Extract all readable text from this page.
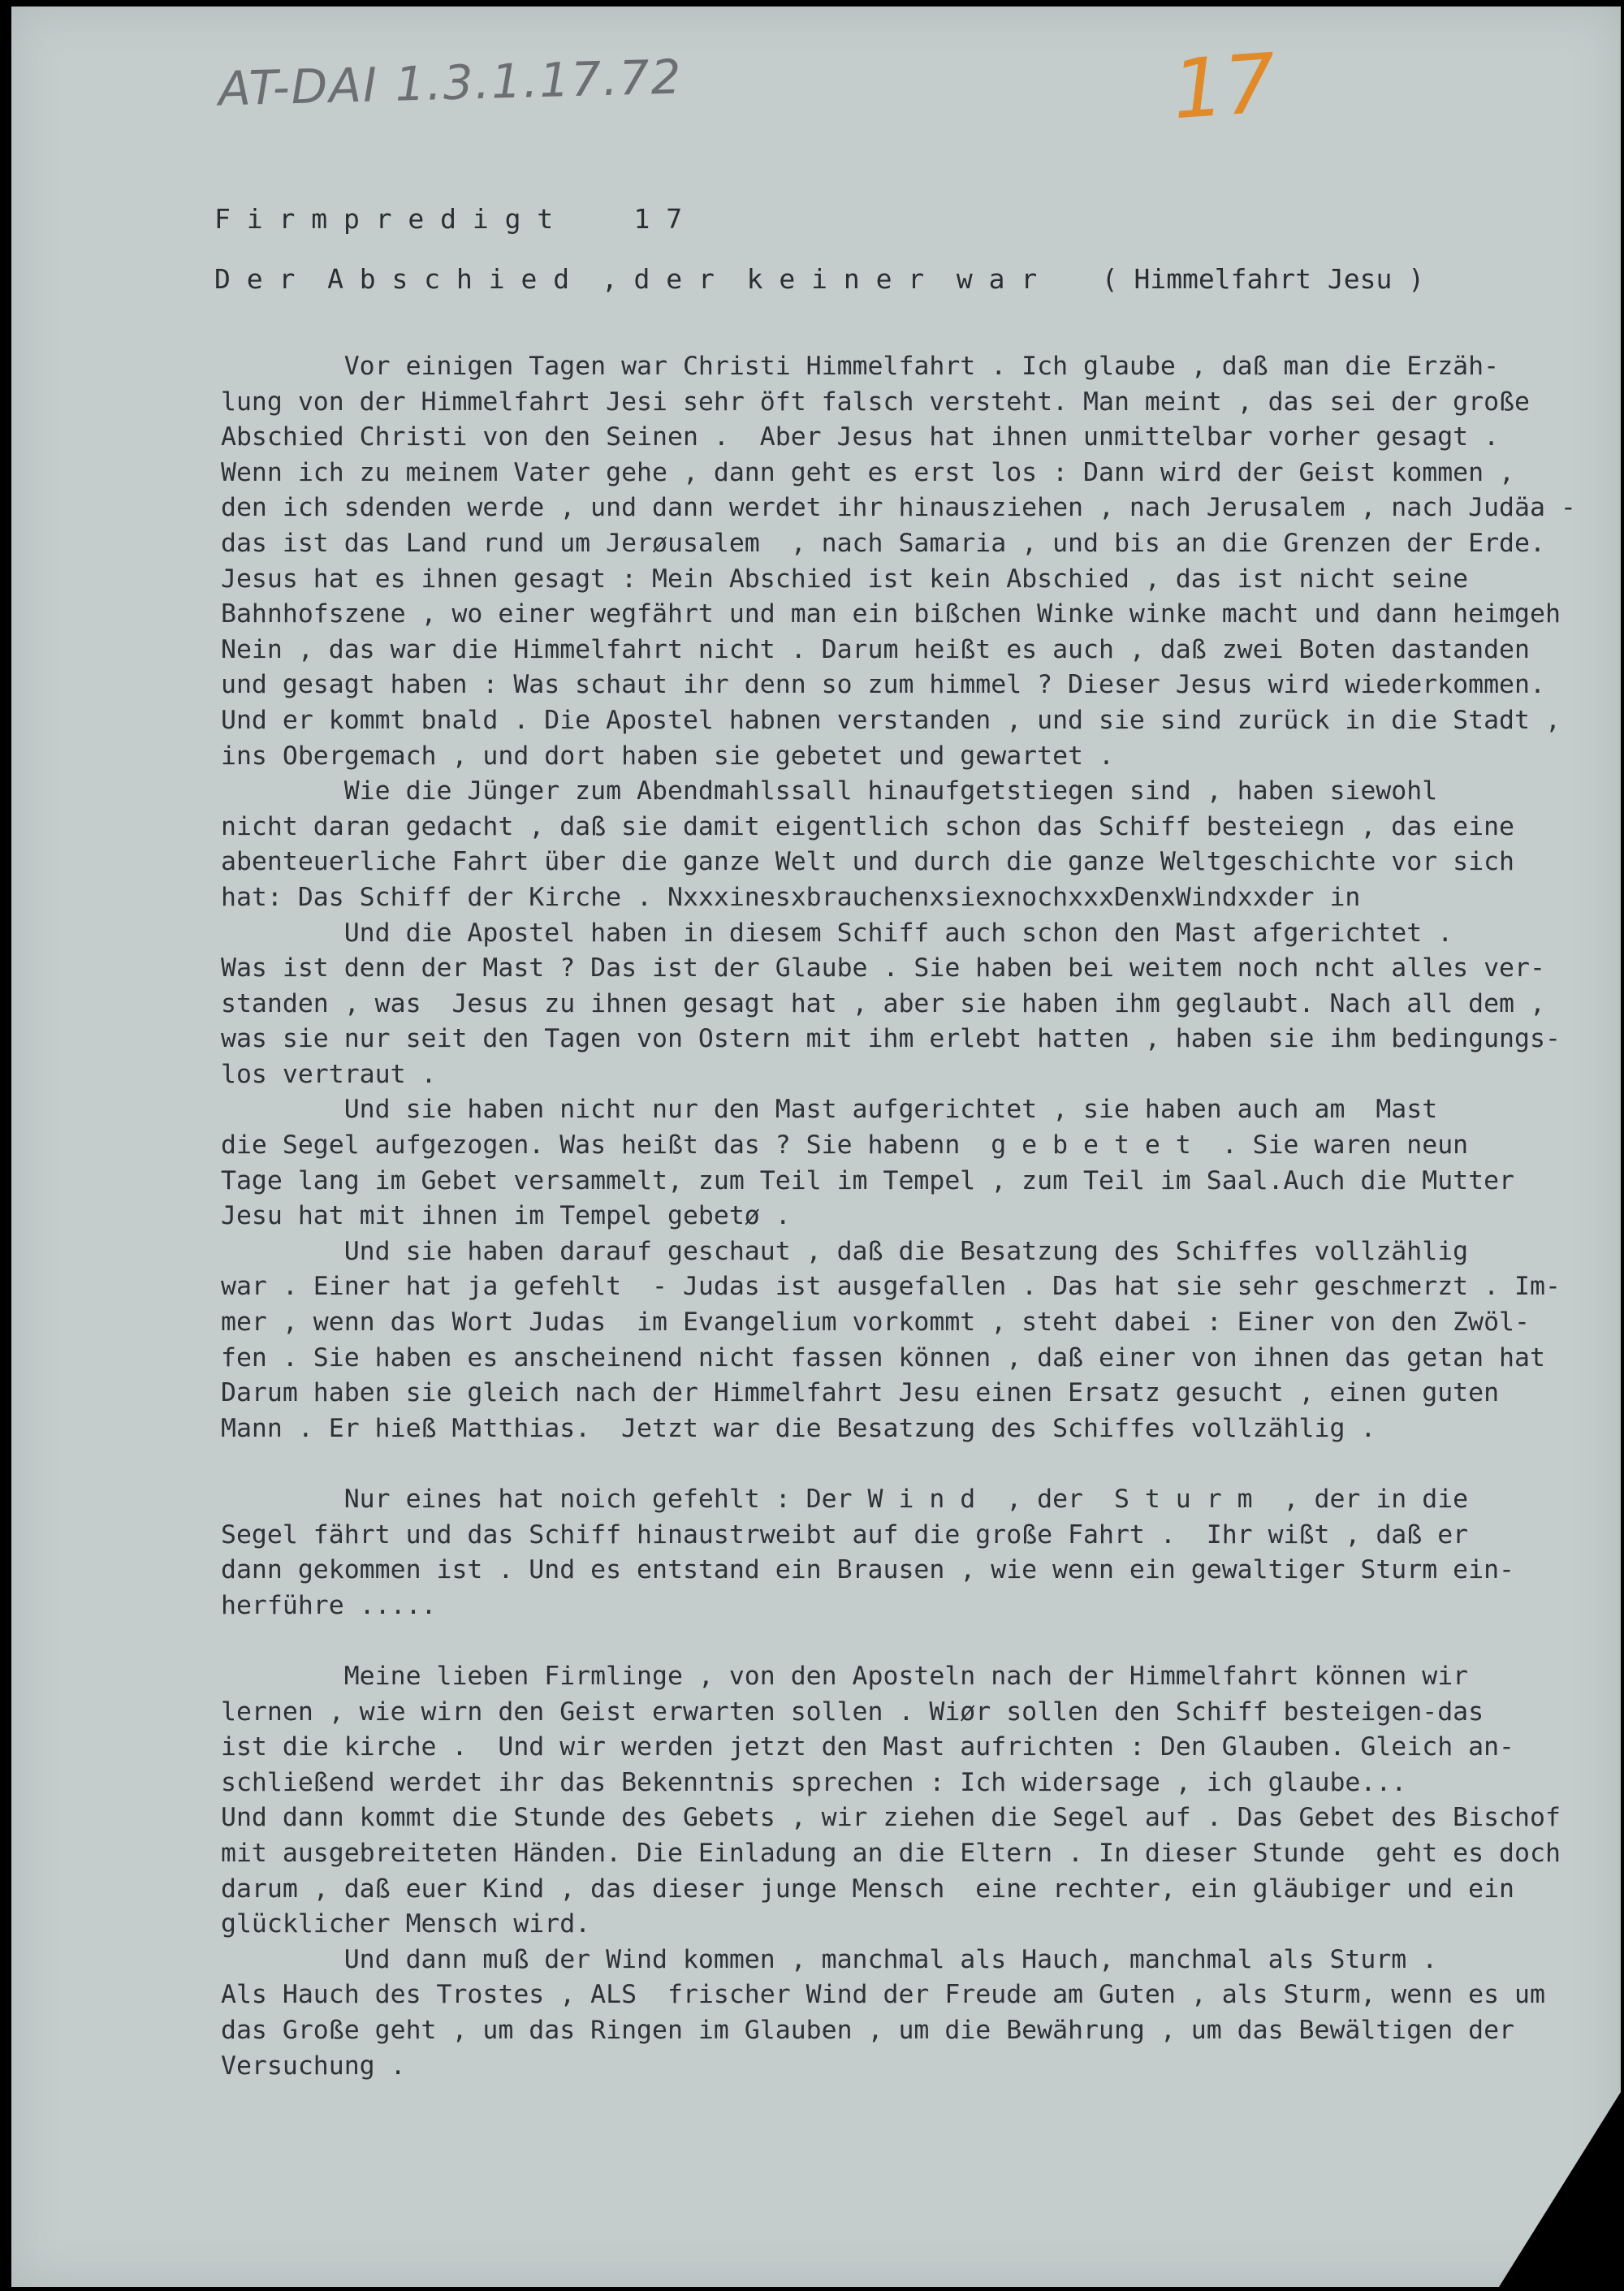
AT-DAI 1.3.1.17.72	17
F i r m p r e d i g t     1 7
D e r  A b s c h i e d  , d e r  k e i n e r  w a r    ( Himmelfahrt Jesu )
Vor einigen Tagen war Christi Himmelfahrt . Ich glaube , daß man die Erzäh-
lung von der Himmelfahrt Jesi sehr öft falsch versteht. Man meint , das sei der große
Abschied Christi von den Seinen .  Aber Jesus hat ihnen unmittelbar vorher gesagt .
Wenn ich zu meinem Vater gehe , dann geht es erst los : Dann wird der Geist kommen ,
den ich sdenden werde , und dann werdet ihr hinausziehen , nach Jerusalem , nach Judäa -
das ist das Land rund um Jerøusalem  , nach Samaria , und bis an die Grenzen der Erde.
Jesus hat es ihnen gesagt : Mein Abschied ist kein Abschied , das ist nicht seine
Bahnhofszene , wo einer wegfährt und man ein bißchen Winke winke macht und dann heimgeh
Nein , das war die Himmelfahrt nicht . Darum heißt es auch , daß zwei Boten dastanden
und gesagt haben : Was schaut ihr denn so zum himmel ? Dieser Jesus wird wiederkommen.
Und er kommt bnald . Die Apostel habnen verstanden , und sie sind zurück in die Stadt ,
ins Obergemach , und dort haben sie gebetet und gewartet .
Wie die Jünger zum Abendmahlssall hinaufgetstiegen sind , haben siewohl
nicht daran gedacht , daß sie damit eigentlich schon das Schiff besteiegn , das eine
abenteuerliche Fahrt über die ganze Welt und durch die ganze Weltgeschichte vor sich
hat: Das Schiff der Kirche . NxxxinesxbrauchenxsiexnochxxxDenxWindxxder in
Und die Apostel haben in diesem Schiff auch schon den Mast afgerichtet .
Was ist denn der Mast ? Das ist der Glaube . Sie haben bei weitem noch ncht alles ver-
standen , was  Jesus zu ihnen gesagt hat , aber sie haben ihm geglaubt. Nach all dem ,
was sie nur seit den Tagen von Ostern mit ihm erlebt hatten , haben sie ihm bedingungs-
los vertraut .
Und sie haben nicht nur den Mast aufgerichtet , sie haben auch am  Mast
die Segel aufgezogen. Was heißt das ? Sie habenn  g e b e t e t  . Sie waren neun
Tage lang im Gebet versammelt, zum Teil im Tempel , zum Teil im Saal.Auch die Mutter
Jesu hat mit ihnen im Tempel gebetø .
Und sie haben darauf geschaut , daß die Besatzung des Schiffes vollzählig
war . Einer hat ja gefehlt  - Judas ist ausgefallen . Das hat sie sehr geschmerzt . Im-
mer , wenn das Wort Judas  im Evangelium vorkommt , steht dabei : Einer von den Zwöl-
fen . Sie haben es anscheinend nicht fassen können , daß einer von ihnen das getan hat
Darum haben sie gleich nach der Himmelfahrt Jesu einen Ersatz gesucht , einen guten
Mann . Er hieß Matthias.  Jetzt war die Besatzung des Schiffes vollzählig .
Nur eines hat noich gefehlt : Der W i n d  , der  S t u r m  , der in die
Segel fährt und das Schiff hinaustrweibt auf die große Fahrt .  Ihr wißt , daß er
dann gekommen ist . Und es entstand ein Brausen , wie wenn ein gewaltiger Sturm ein-
herführe .....
Meine lieben Firmlinge , von den Aposteln nach der Himmelfahrt können wir
lernen , wie wirn den Geist erwarten sollen . Wiør sollen den Schiff besteigen-das
ist die kirche .  Und wir werden jetzt den Mast aufrichten : Den Glauben. Gleich an-
schließend werdet ihr das Bekenntnis sprechen : Ich widersage , ich glaube...
Und dann kommt die Stunde des Gebets , wir ziehen die Segel auf . Das Gebet des Bischof
mit ausgebreiteten Händen. Die Einladung an die Eltern . In dieser Stunde  geht es doch
darum , daß euer Kind , das dieser junge Mensch  eine rechter, ein gläubiger und ein
glücklicher Mensch wird.
Und dann muß der Wind kommen , manchmal als Hauch, manchmal als Sturm .
Als Hauch des Trostes , ALS  frischer Wind der Freude am Guten , als Sturm, wenn es um
das Große geht , um das Ringen im Glauben , um die Bewährung , um das Bewältigen der
Versuchung .
